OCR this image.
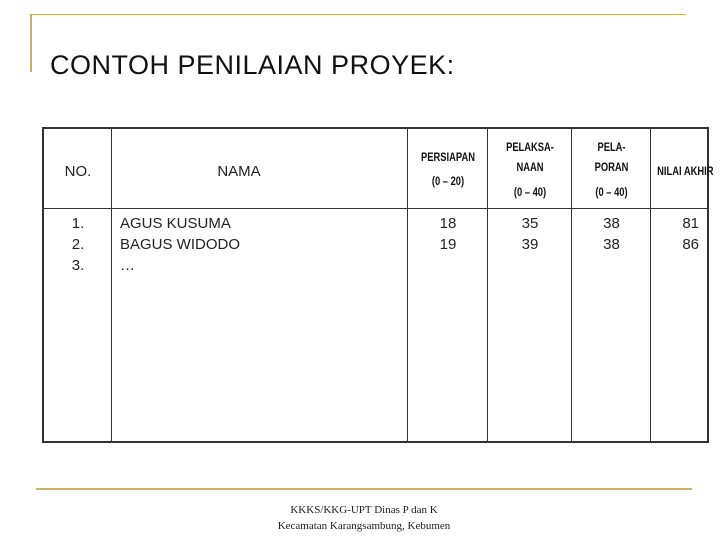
CONTOH PENILAIAN PROYEK:
NO.	NAMA
PERSIAPAN
(0 – 20)
PELAKSA-
NAAN
(0 – 40)
PELA-
PORAN
(0 – 40)
NILAI AKHIR
1.
2.
3.
AGUS KUSUMA
BAGUS WIDODO
…
18
19
35
39
38
38
81
86
KKKS/KKG-UPT Dinas P dan K
Kecamatan Karangsambung, Kebumen
